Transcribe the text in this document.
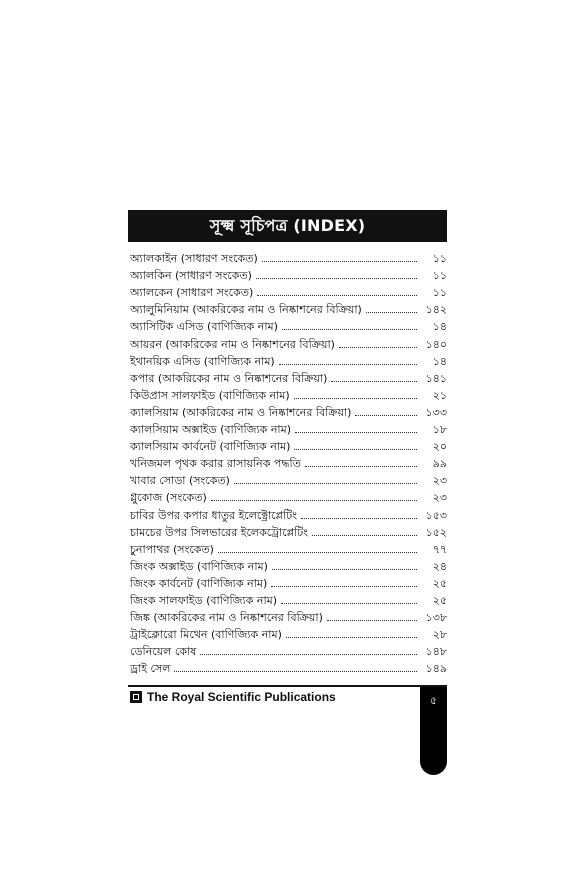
সূক্ষ্ম সূচিপত্র (INDEX)
অ্যালকাইন (সাধারণ সংকেত)	১১
অ্যালকিন (সাধারণ সংকেত)	১১
অ্যালকেন (সাধারণ সংকেত)	১১
অ্যালুমিনিয়াম (আকরিকের নাম ও নিষ্কাশনের বিক্রিয়া)	১৪২
অ্যাসিটিক এসিড (বাণিজ্যিক নাম)	১৪
আয়রন (আকরিকের নাম ও নিষ্কাশনের বিক্রিয়া)	১৪০
ইথানয়িক এসিড (বাণিজ্যিক নাম)	১৪
কপার (আকরিকের নাম ও নিষ্কাশনের বিক্রিয়া)	১৪১
কিউপ্রাস সালফাইড (বাণিজ্যিক নাম)	২১
ক্যালসিয়াম (আকরিকের নাম ও নিষ্কাশনের বিক্রিয়া)	১৩৩
ক্যালসিয়াম অক্সাইড (বাণিজ্যিক নাম)	১৮
ক্যালসিয়াম কার্বনেট (বাণিজ্যিক নাম)	২০
খনিজমল পৃথক করার রাসায়নিক পদ্ধতি	৯৯
খাবার সোডা (সংকেত)	২৩
গ্লুকোজ (সংকেত)	২৩
চাবির উপর কপার ধাতুর ইলেক্ট্রোপ্লেটিং	১৫৩
চামচের উপর সিলভারের ইলেকট্রোপ্লেটিং	১৫২
চুনাপাথর (সংকেত)	৭৭
জিংক অক্সাইড (বাণিজ্যিক নাম)	২৪
জিংক কার্বনেট (বাণিজ্যিক নাম)	২৫
জিংক সালফাইড (বাণিজ্যিক নাম)	২৫
জিঙ্ক (আকরিকের নাম ও নিষ্কাশনের বিক্রিয়া)	১৩৮
ট্রাইক্লোরো মিথেন (বাণিজ্যিক নাম)	২৮
ডেনিয়েল কোষ	১৪৮
ড্রাই সেল	১৪৯
The Royal Scientific Publications	৫
